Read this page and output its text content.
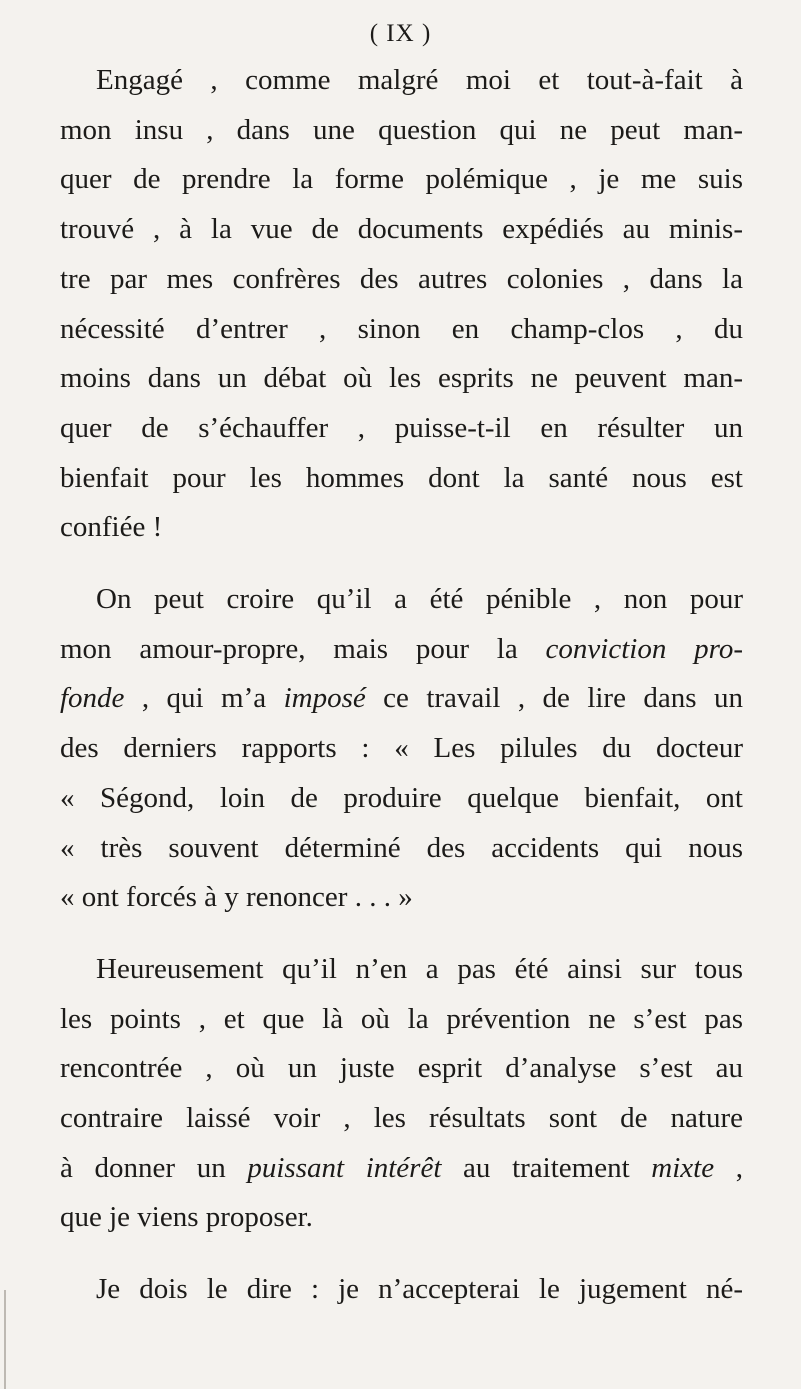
( IX )

Engagé , comme malgré moi et tout-à-fait à
mon insu , dans une question qui ne peut man-
quer de prendre la forme polémique , je me suis
trouvé , à la vue de documents expédiés au minis-
tre par mes confrères des autres colonies , dans la
nécessité d’entrer , sinon en champ-clos , du
moins dans un débat où les esprits ne peuvent man-
quer de s’échauffer , puisse-t-il en résulter un
bienfait pour les hommes dont la santé nous est
confiée !

On peut croire qu’il a été pénible , non pour
mon amour-propre, mais pour la conviction pro-
fonde , qui m’a imposé ce travail , de lire dans un
des derniers rapports : « Les pilules du docteur
« Ségond, loin de produire quelque bienfait, ont
« très souvent déterminé des accidents qui nous
« ont forcés à y renoncer . . . »

Heureusement qu’il n’en a pas été ainsi sur tous
les points , et que là où la prévention ne s’est pas
rencontrée , où un juste esprit d’analyse s’est au
contraire laissé voir , les résultats sont de nature
à donner un puissant intérêt au traitement mixte ,
que je viens proposer.

Je dois le dire : je n’accepterai le jugement né-
